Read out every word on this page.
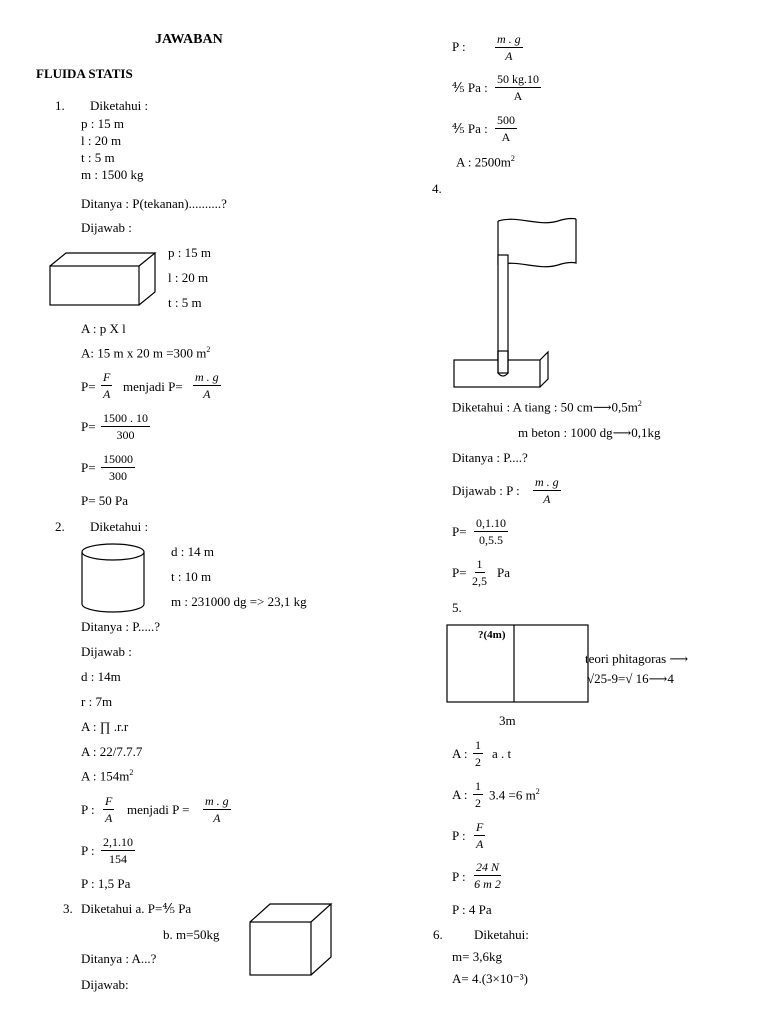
JAWABAN
FLUIDA STATIS
1. Diketahui :
p : 15 m
l : 20 m
t : 5 m
m : 1500 kg
Ditanya : P(tekanan)..........?
Dijawab :
p : 15 m
l : 20 m
t : 5 m
A : p X l
A: 15 m x 20 m =300 $m^2$
$P= \frac{F}{A}$ menjadi $P= \frac{m . g}{A}$
$P= \frac{1500 . 10}{300}$
$P= \frac{15000}{300}$
P= 50 Pa
2. Diketahui :
d : 14 m
t : 10 m
m : 231000 dg => 23,1 kg
Ditanya : P.....?
Dijawab :
d : 14m
r : 7m
A : ∏ .r.r
A : 22/7.7.7
A : $154m^2$
P : $\frac{F}{A}$ menjadi $P = \frac{m . g}{A}$
P : $\frac{2,1.10}{154}$
P : 1,5 Pa
3. Diketahui a. P=⅘ Pa
b. m=50kg
Ditanya : A...?
Dijawab:
P : $\frac{m . g}{A}$
⅘ Pa : $\frac{50 kg.10}{A}$
⅘ Pa : $\frac{500}{A}$
A : $2500m^2$
4.
Diketahui : A tiang : 50 $cm⟶0,5m^2$
m beton : 1000 dg⟶0,1kg
Ditanya : P....?
Dijawab : P : $\frac{m . g}{A}$
$P= \frac{0,1.10}{0,5.5}$
$P= \frac{1}{2,5}$ Pa
5.
?(4m)
teori phitagoras ⟶
√25-9=√ 16⟶4
3m
A : $\frac{1}{2}$ a . t
A : $\frac{1}{2} 3.4 =6$ $m^2$
P : $\frac{F}{A}$
P : $\frac{24 N}{6 m 2}$
P : 4 Pa
6. Diketahui:
m= 3,6kg
A= 4.(3×10⁻³)
